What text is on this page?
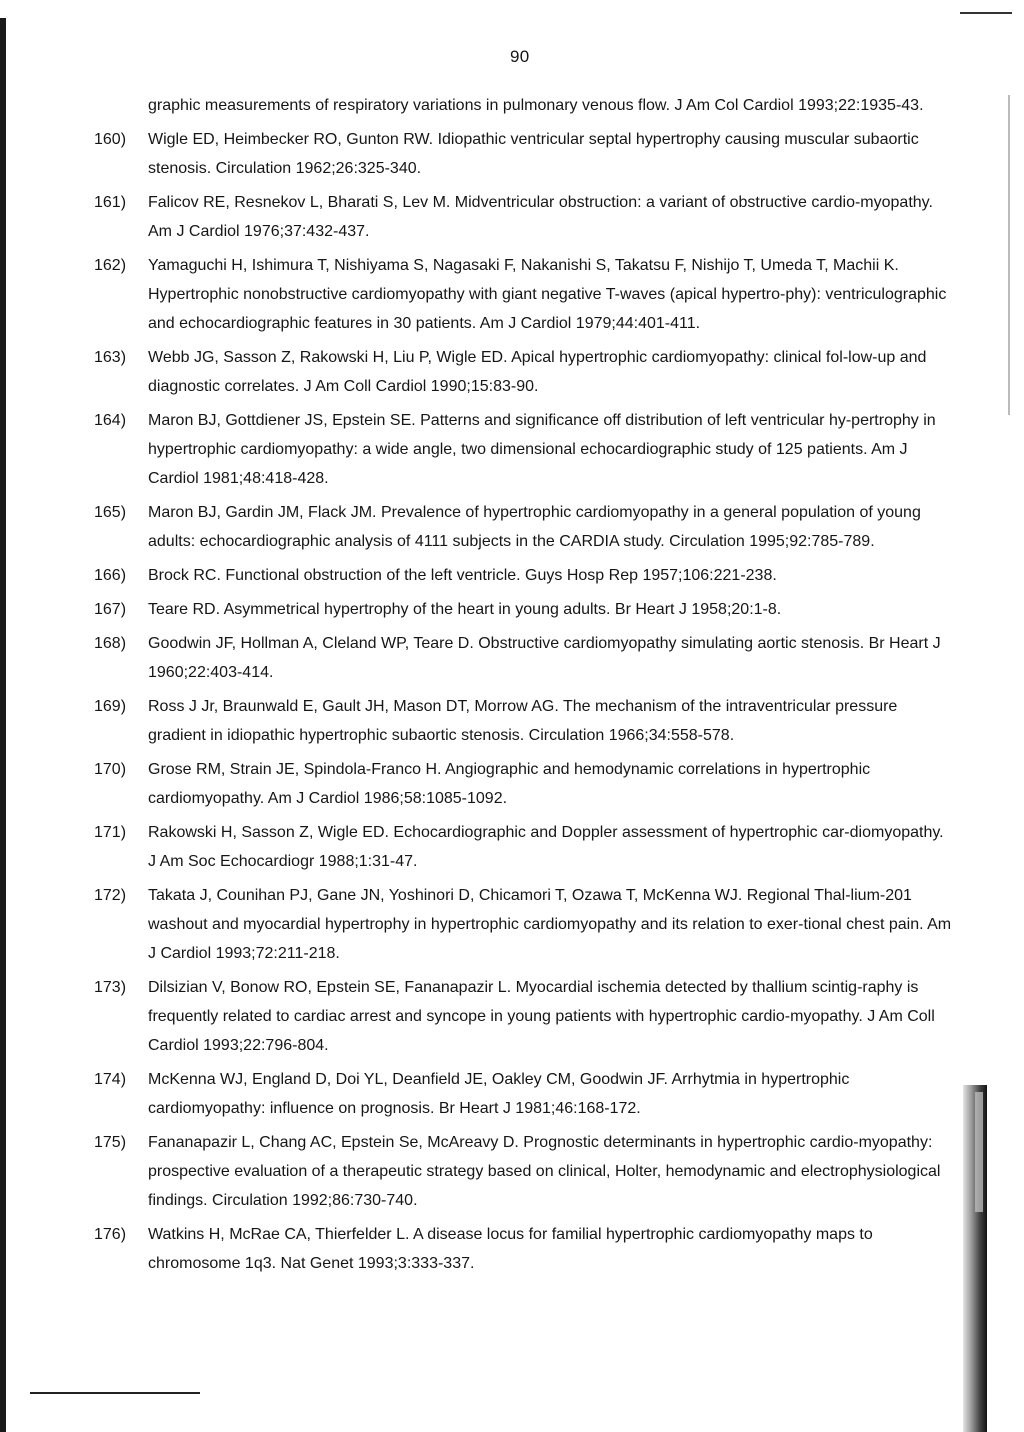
90
graphic measurements of respiratory variations in pulmonary venous flow. J Am Col Cardiol 1993;22:1935-43.
160)	Wigle ED, Heimbecker RO, Gunton RW. Idiopathic ventricular septal hypertrophy causing muscular subaortic stenosis. Circulation 1962;26:325-340.
161)	Falicov RE, Resnekov L, Bharati S, Lev M. Midventricular obstruction: a variant of obstructive cardio-myopathy. Am J Cardiol 1976;37:432-437.
162)	Yamaguchi H, Ishimura T, Nishiyama S, Nagasaki F, Nakanishi S, Takatsu F, Nishijo T, Umeda T, Machii K. Hypertrophic nonobstructive cardiomyopathy with giant negative T-waves (apical hypertro-phy): ventriculographic and echocardiographic features in 30 patients. Am J Cardiol 1979;44:401-411.
163)	Webb JG, Sasson Z, Rakowski H, Liu P, Wigle ED. Apical hypertrophic cardiomyopathy: clinical fol-low-up and diagnostic correlates. J Am Coll Cardiol 1990;15:83-90.
164)	Maron BJ, Gottdiener JS, Epstein SE. Patterns and significance off distribution of left ventricular hy-pertrophy in hypertrophic cardiomyopathy: a wide angle, two dimensional echocardiographic study of 125 patients. Am J Cardiol 1981;48:418-428.
165)	Maron BJ, Gardin JM, Flack JM. Prevalence of hypertrophic cardiomyopathy in a general population of young adults: echocardiographic analysis of 4111 subjects in the CARDIA study. Circulation 1995;92:785-789.
166)	Brock RC. Functional obstruction of the left ventricle. Guys Hosp Rep 1957;106:221-238.
167)	Teare RD. Asymmetrical hypertrophy of the heart in young adults. Br Heart J 1958;20:1-8.
168)	Goodwin JF, Hollman A, Cleland WP, Teare D. Obstructive cardiomyopathy simulating aortic stenosis. Br Heart J 1960;22:403-414.
169)	Ross J Jr, Braunwald E, Gault JH, Mason DT, Morrow AG. The mechanism of the intraventricular pressure gradient in idiopathic hypertrophic subaortic stenosis. Circulation 1966;34:558-578.
170)	Grose RM, Strain JE, Spindola-Franco H. Angiographic and hemodynamic correlations in hypertrophic cardiomyopathy. Am J Cardiol 1986;58:1085-1092.
171)	Rakowski H, Sasson Z, Wigle ED. Echocardiographic and Doppler assessment of hypertrophic car-diomyopathy. J Am Soc Echocardiogr 1988;1:31-47.
172)	Takata J, Counihan PJ, Gane JN, Yoshinori D, Chicamori T, Ozawa T, McKenna WJ. Regional Thal-lium-201 washout and myocardial hypertrophy in hypertrophic cardiomyopathy and its relation to exer-tional chest pain. Am J Cardiol 1993;72:211-218.
173)	Dilsizian V, Bonow RO, Epstein SE, Fananapazir L. Myocardial ischemia detected by thallium scintig-raphy is frequently related to cardiac arrest and syncope in young patients with hypertrophic cardio-myopathy. J Am Coll Cardiol 1993;22:796-804.
174)	McKenna WJ, England D, Doi YL, Deanfield JE, Oakley CM, Goodwin JF. Arrhytmia in hypertrophic cardiomyopathy: influence on prognosis. Br Heart J 1981;46:168-172.
175)	Fananapazir L, Chang AC, Epstein Se, McAreavy D. Prognostic determinants in hypertrophic cardio-myopathy: prospective evaluation of a therapeutic strategy based on clinical, Holter, hemodynamic and electrophysiological findings. Circulation 1992;86:730-740.
176)	Watkins H, McRae CA, Thierfelder L. A disease locus for familial hypertrophic cardiomyopathy maps to chromosome 1q3. Nat Genet 1993;3:333-337.
